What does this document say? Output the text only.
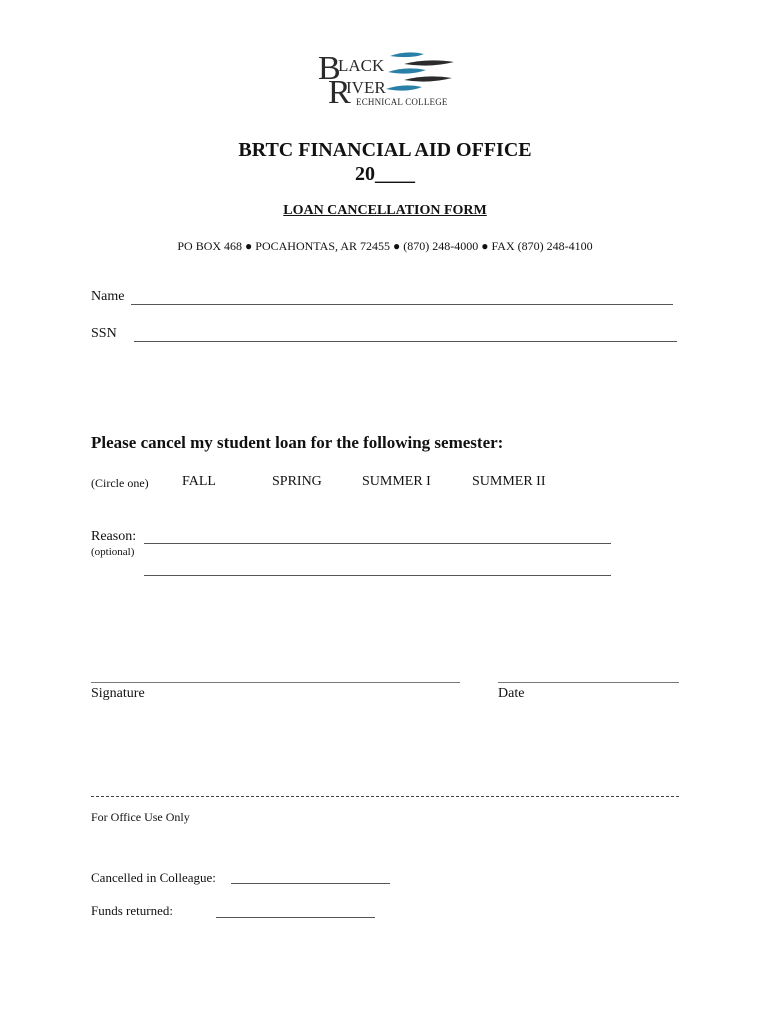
B
LACK
R
IVER
ECHNICAL COLLEGE
BRTC FINANCIAL AID OFFICE
20____
LOAN CANCELLATION FORM
PO BOX 468 ● POCAHONTAS, AR 72455 ● (870) 248-4000 ● FAX (870) 248-4100
Name
SSN
Please cancel my student loan for the following semester:
(Circle one) FALL	SPRING	SUMMER I	SUMMER II
Reason:
(optional)
Signature	Date
For Office Use Only
Cancelled in Colleague:
Funds returned:
